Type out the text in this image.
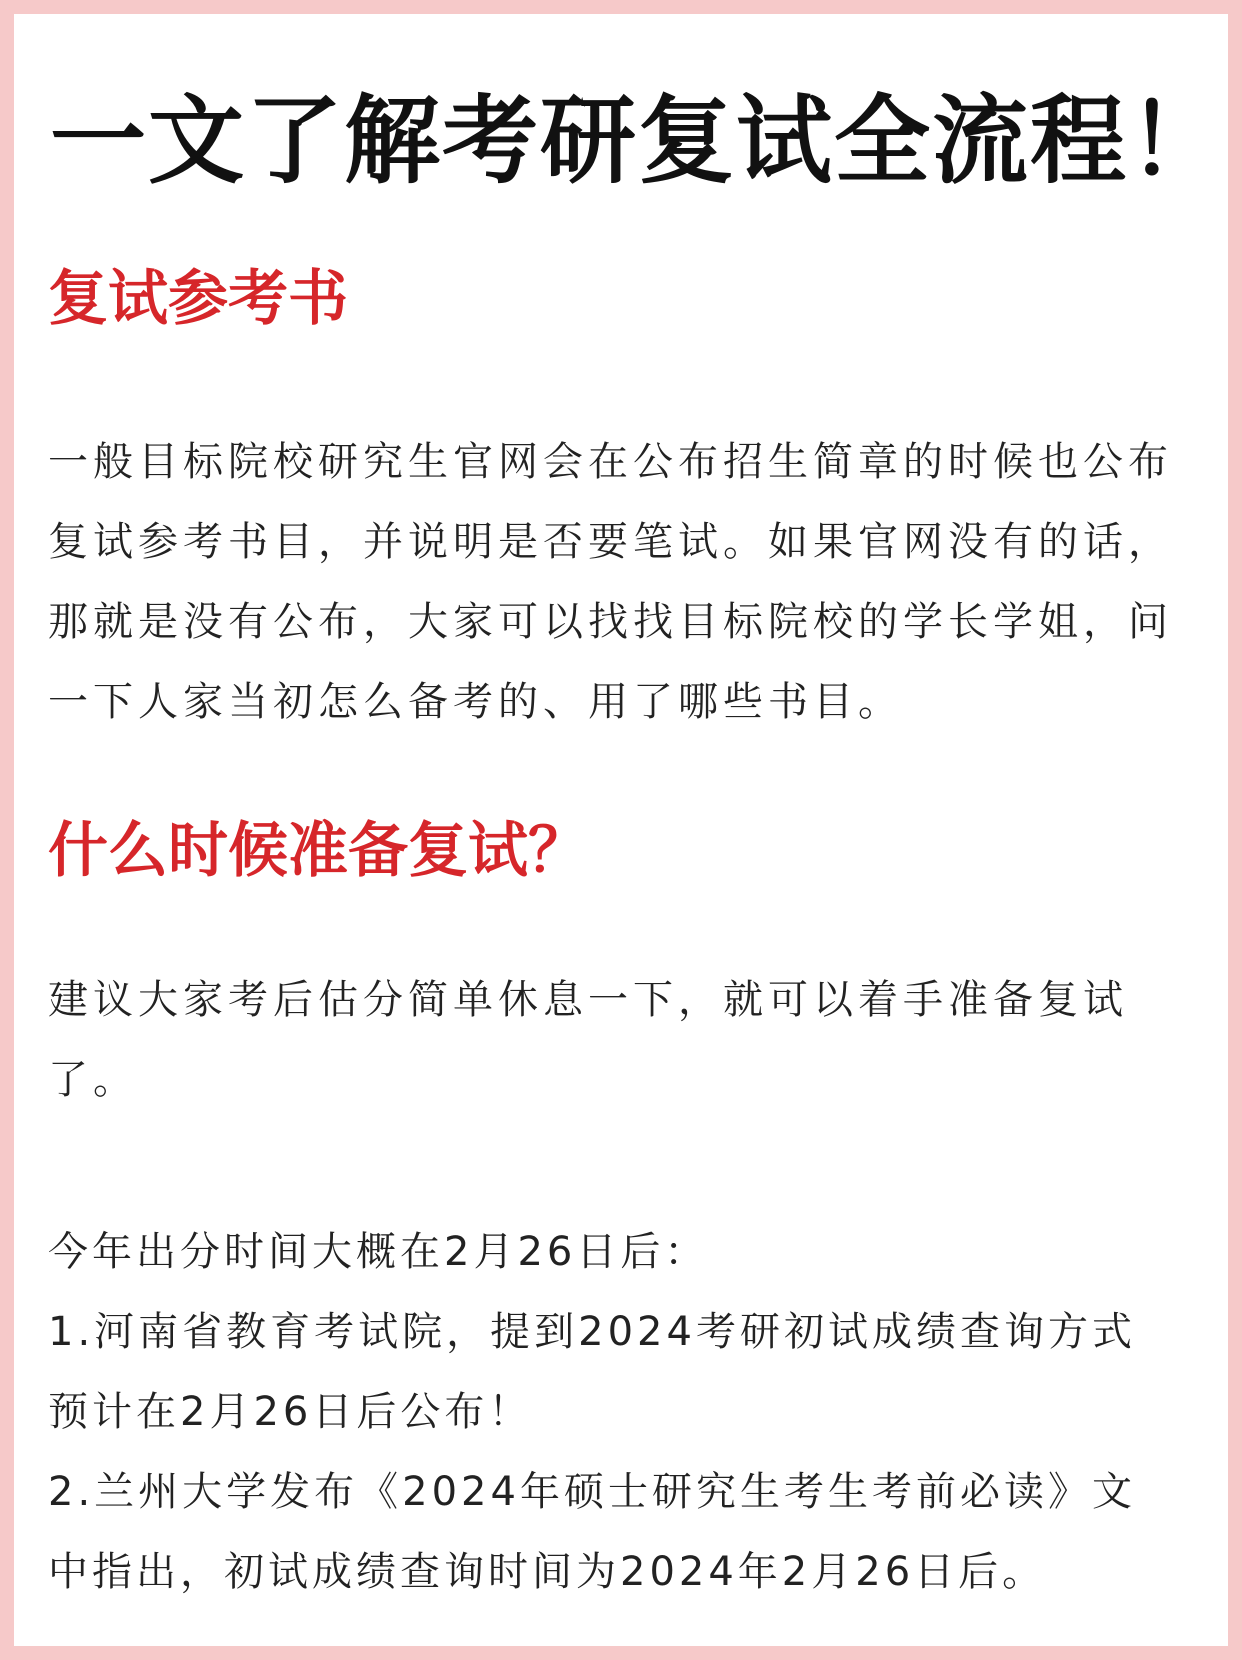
一文了解考研复试全流程！
复试参考书

一般目标院校研究生官网会在公布招生简章的时候也公布复试参考书目，并说明是否要笔试。如果官网没有的话，那就是没有公布，大家可以找找目标院校的学长学姐，问一下人家当初怎么备考的、用了哪些书目。

什么时候准备复试？

建议大家考后估分简单休息一下，就可以着手准备复试了。

今年出分时间大概在2月26日后：

1.河南省教育考试院，提到2024考研初试成绩查询方式

预计在2月26日后公布！

2.兰州大学发布《2024年硕士研究生考生考前必读》文

中指出，初试成绩查询时间为2024年2月26日后。
